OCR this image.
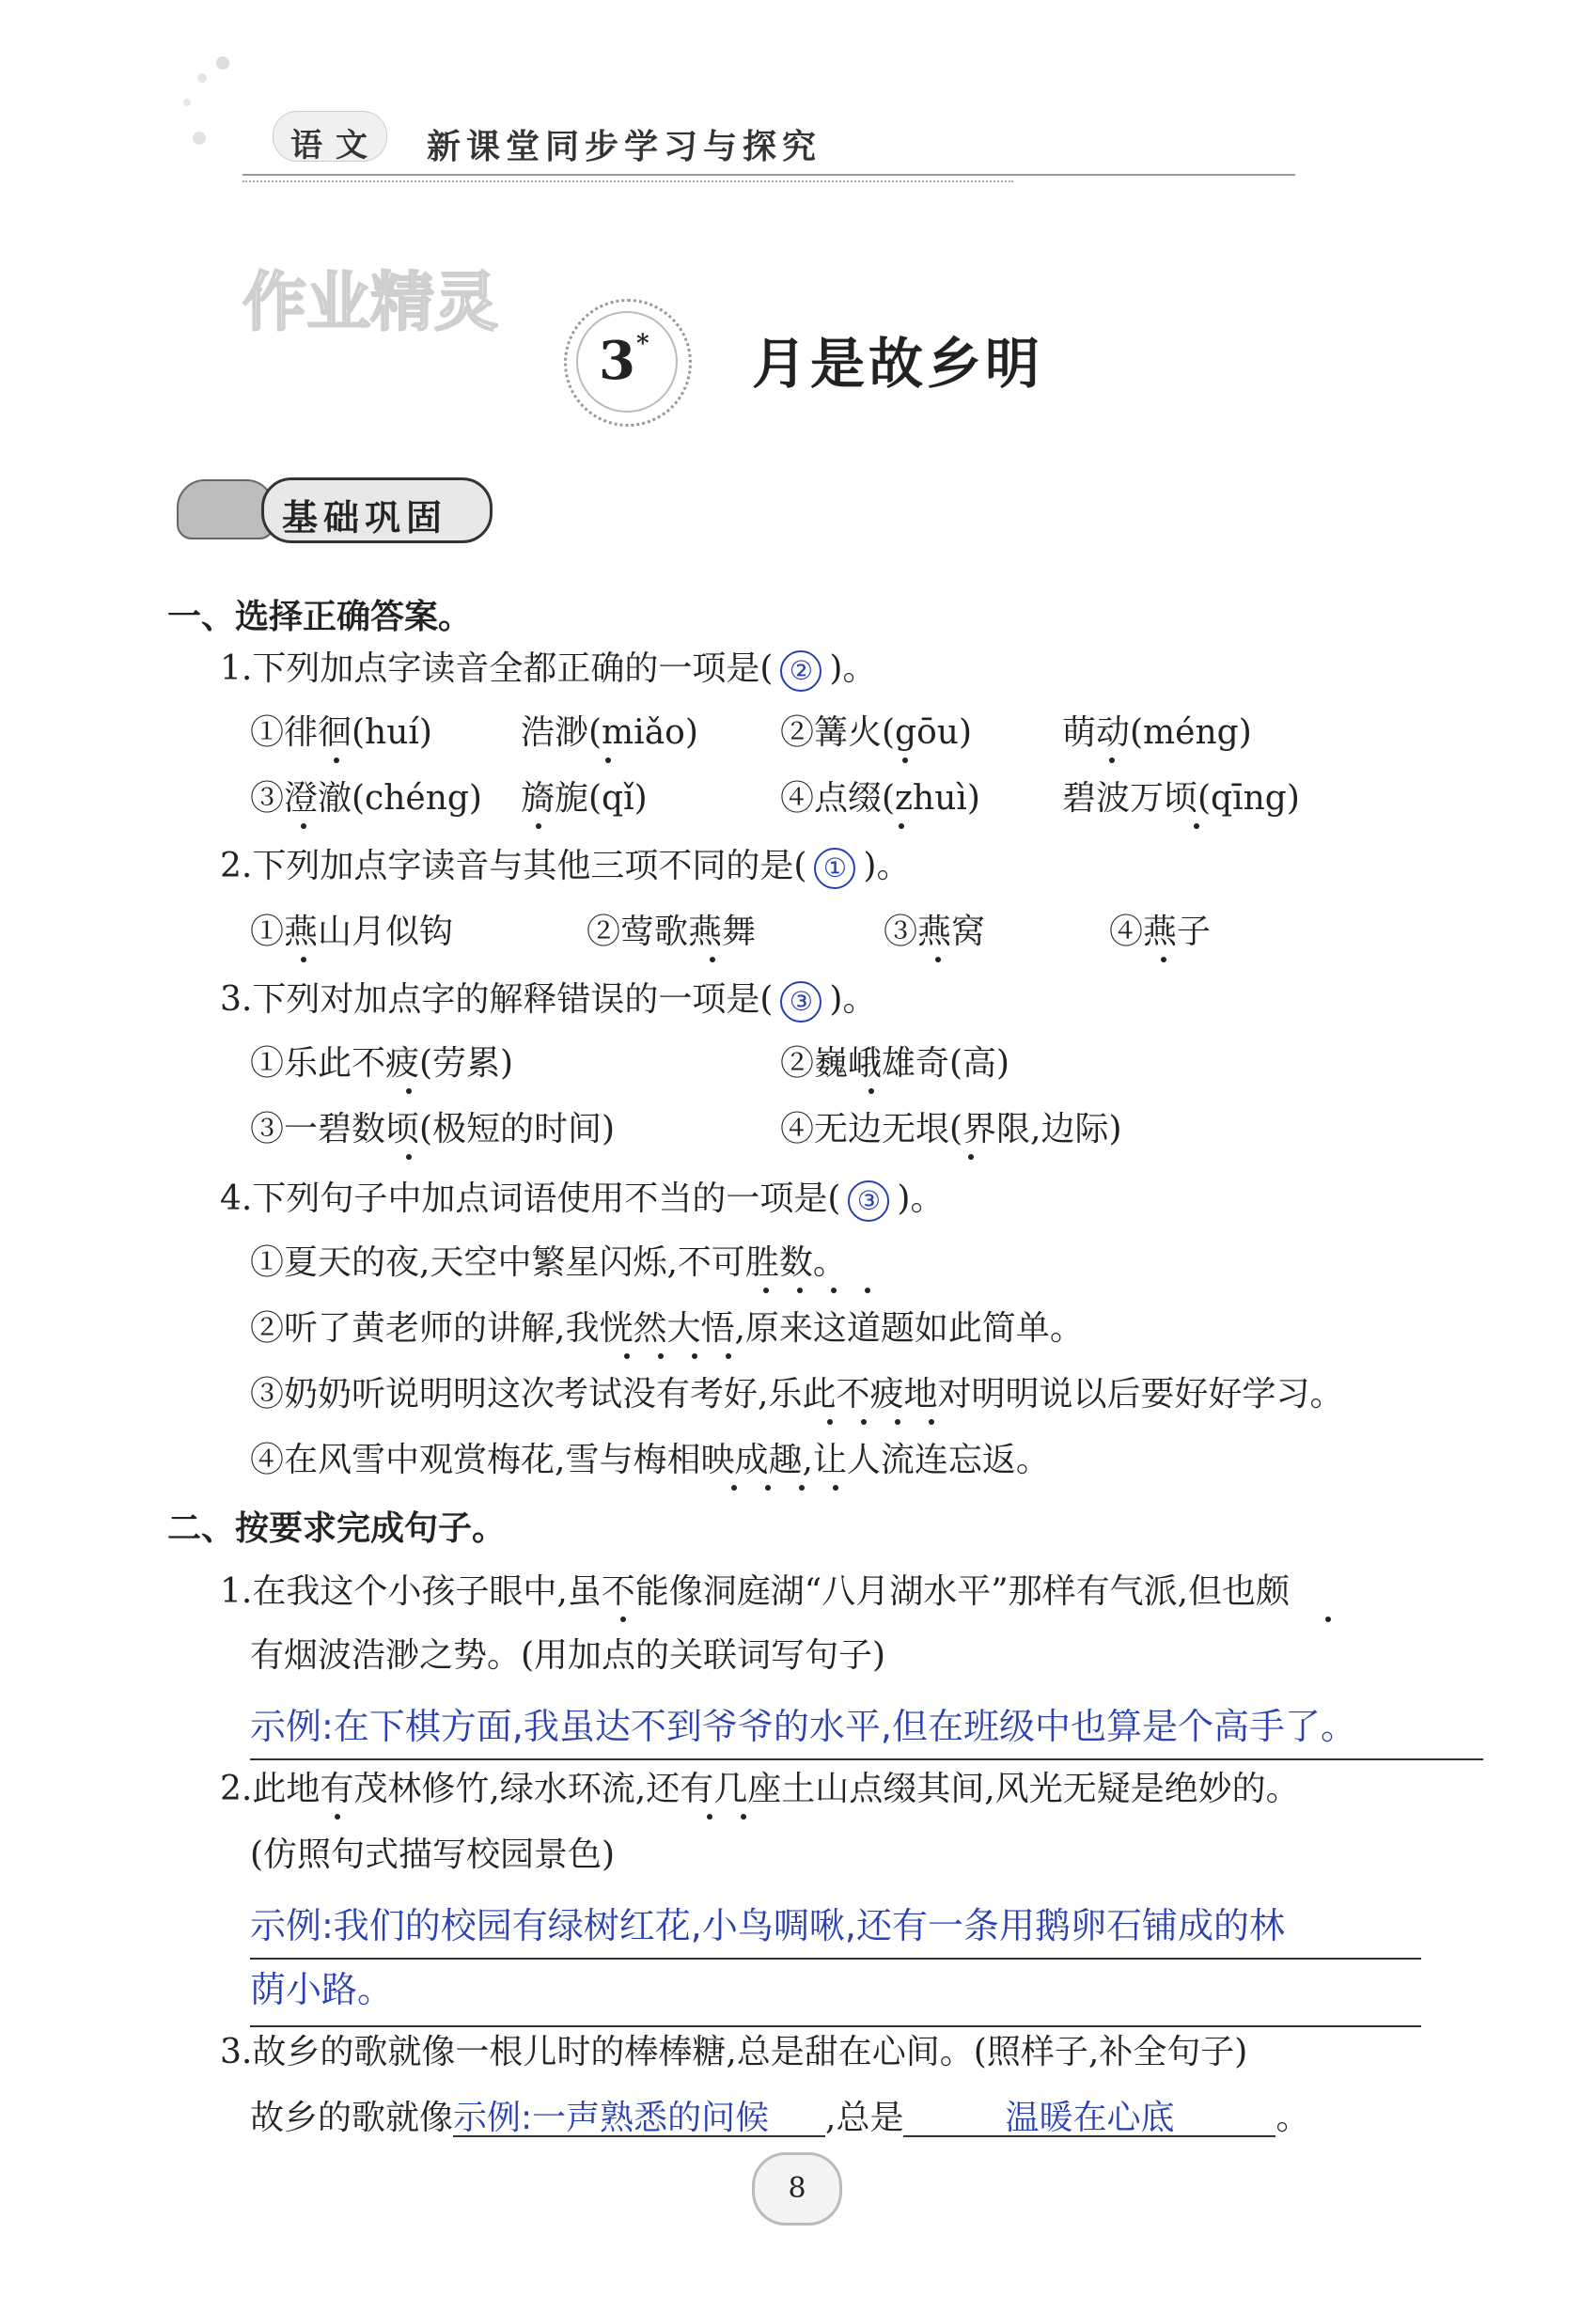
语文 新课堂同步学习与探究
作业精灵
3 * 月是故乡明
基础巩固
一、选择正确答案。
1.下列加点字读音全都正确的一项是( ② )。
①徘徊(huí)	浩渺(miǎo) ②篝火(gōu)	萌动(méng)
③澄澈(chéng) 旖旎(qǐ)	④点缀(zhuì) 碧波万顷(qīng)
2.下列加点字读音与其他三项不同的是( ① )。
①燕山月似钩	②莺歌燕舞	③燕窝	④燕子
3.下列对加点字的解释错误的一项是( ③ )。
①乐此不疲(劳累)	②巍峨雄奇(高)
③一碧数顷(极短的时间)	④无边无垠(界限,边际)
4.下列句子中加点词语使用不当的一项是( ③ )。
①夏天的夜,天空中繁星闪烁,不可胜数。
②听了黄老师的讲解,我恍然大悟,原来这道题如此简单。
③奶奶听说明明这次考试没有考好,乐此不疲地对明明说以后要好好学习。
④在风雪中观赏梅花,雪与梅相映成趣,让人流连忘返。
二、按要求完成句子。
1.在我这个小孩子眼中,虽不能像洞庭湖“八月湖水平”那样有气派,但也颇
有烟波浩渺之势。(用加点的关联词写句子)
示例:在下棋方面,我虽达不到爷爷的水平,但在班级中也算是个高手了。
2.此地有茂林修竹,绿水环流,还有几座土山点缀其间,风光无疑是绝妙的。
(仿照句式描写校园景色)
示例:我们的校园有绿树红花,小鸟啁啾,还有一条用鹅卵石铺成的林
荫小路。
3.故乡的歌就像一根儿时的棒棒糖,总是甜在心间。(照样子,补全句子)
故乡的歌就像示例:一声熟悉的问候 ,总是	温暖在心底	。
8
